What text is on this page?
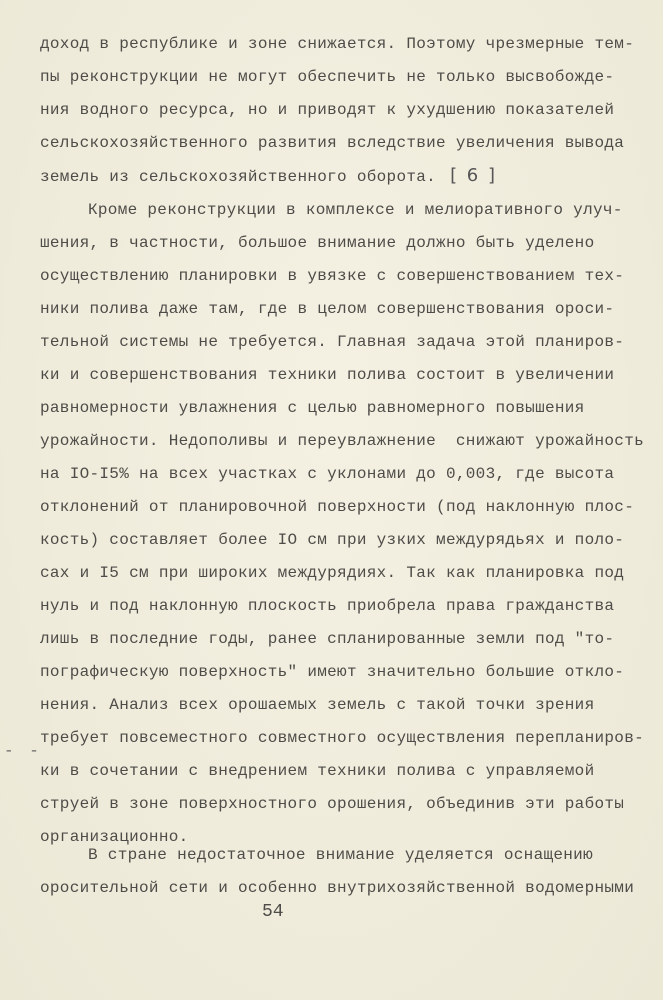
- -
54
доход в республике и зоне снижается. Поэтому чрезмерные тем-
пы реконструкции не могут обеспечить не только высвобожде-
ния водного ресурса, но и приводят к ухудшению показателей
сельскохозяйственного развития вследствие увеличения вывода
земель из сельскохозяйственного оборота. [ 6 ]
Кроме реконструкции в комплексе и мелиоративного улуч-
шения, в частности, большое внимание должно быть уделено
осуществлению планировки в увязке с совершенствованием тех-
ники полива даже там, где в целом совершенствования ороси-
тельной системы не требуется. Главная задача этой планиров-
ки и совершенствования техники полива состоит в увеличении
равномерности увлажнения с целью равномерного повышения
урожайности. Недополивы и переувлажнение  снижают урожайность
на IO-I5% на всех участках с уклонами до 0,003, где высота
отклонений от планировочной поверхности (под наклонную плос-
кость) составляет более IO см при узких междурядьях и поло-
сах и I5 см при широких междурядиях. Так как планировка под
нуль и под наклонную плоскость приобрела права гражданства
лишь в последние годы, ранее спланированные земли под "то-
пографическую поверхность" имеют значительно большие откло-
нения. Анализ всех орошаемых земель с такой точки зрения
требует повсеместного совместного осуществления перепланиров-
ки в сочетании с внедрением техники полива с управляемой
струей в зоне поверхностного орошения, объединив эти работы
организационно.
В стране недостаточное внимание уделяется оснащению
оросительной сети и особенно внутрихозяйственной водомерными
